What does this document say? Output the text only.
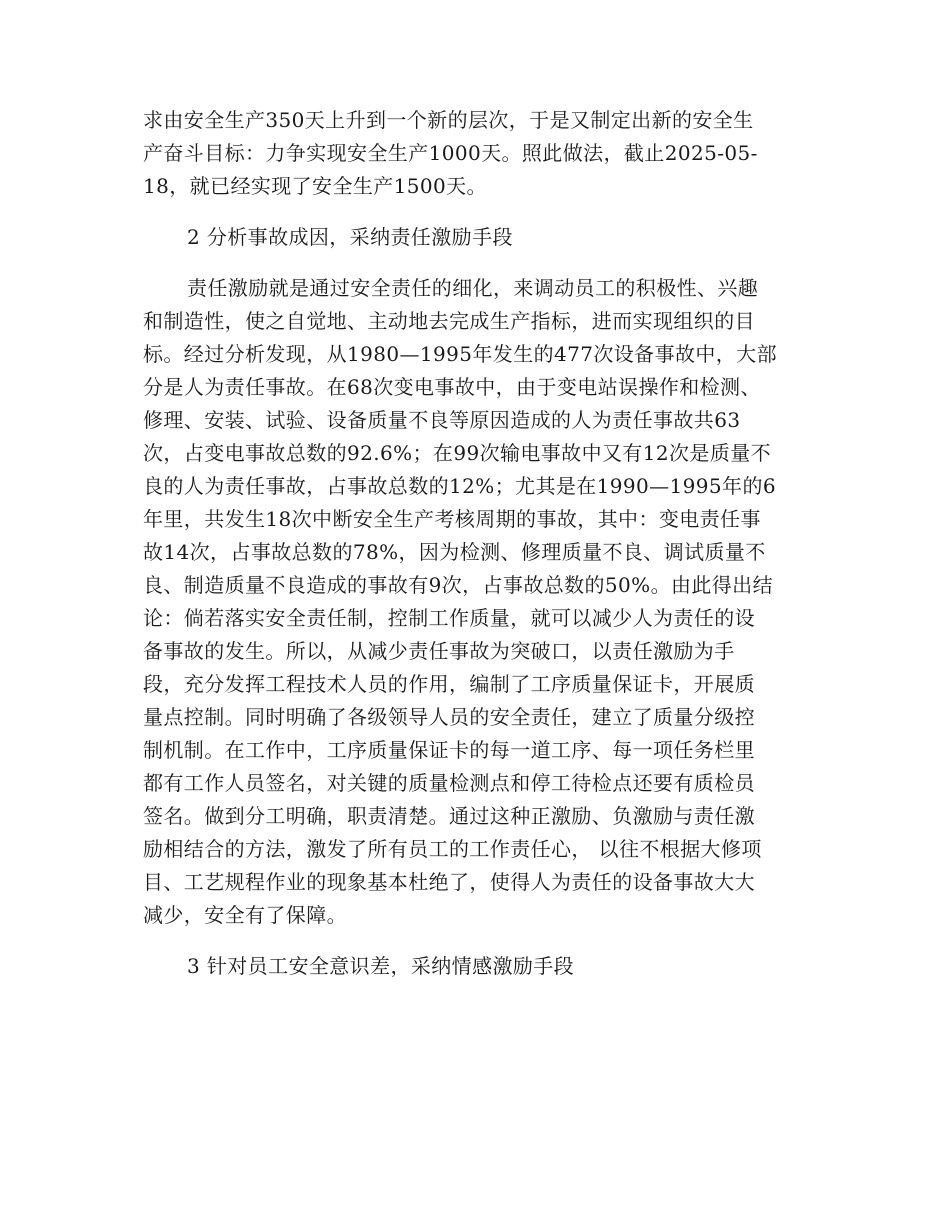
求由安全生产350天上升到一个新的层次，于是又制定出新的安全生
产奋斗目标：力争实现安全生产1000天。照此做法，截止2025-05-
18，就已经实现了安全生产1500天。
2 分析事故成因，采纳责任激励手段
责任激励就是通过安全责任的细化，来调动员工的积极性、兴趣
和制造性，使之自觉地、主动地去完成生产指标，进而实现组织的目
标。经过分析发现，从1980—1995年发生的477次设备事故中，大部
分是人为责任事故。在68次变电事故中，由于变电站误操作和检测、
修理、安装、试验、设备质量不良等原因造成的人为责任事故共63
次，占变电事故总数的92.6%；在99次输电事故中又有12次是质量不
良的人为责任事故，占事故总数的12%；尤其是在1990—1995年的6
年里，共发生18次中断安全生产考核周期的事故，其中：变电责任事
故14次，占事故总数的78%，因为检测、修理质量不良、调试质量不
良、制造质量不良造成的事故有9次，占事故总数的50%。由此得出结
论：倘若落实安全责任制，控制工作质量，就可以减少人为责任的设
备事故的发生。所以，从减少责任事故为突破口，以责任激励为手
段，充分发挥工程技术人员的作用，编制了工序质量保证卡，开展质
量点控制。同时明确了各级领导人员的安全责任，建立了质量分级控
制机制。在工作中，工序质量保证卡的每一道工序、每一项任务栏里
都有工作人员签名，对关键的质量检测点和停工待检点还要有质检员
签名。做到分工明确，职责清楚。通过这种正激励、负激励与责任激
励相结合的方法，激发了所有员工的工作责任心， 以往不根据大修项
目、工艺规程作业的现象基本杜绝了，使得人为责任的设备事故大大
减少，安全有了保障。
3 针对员工安全意识差，采纳情感激励手段
